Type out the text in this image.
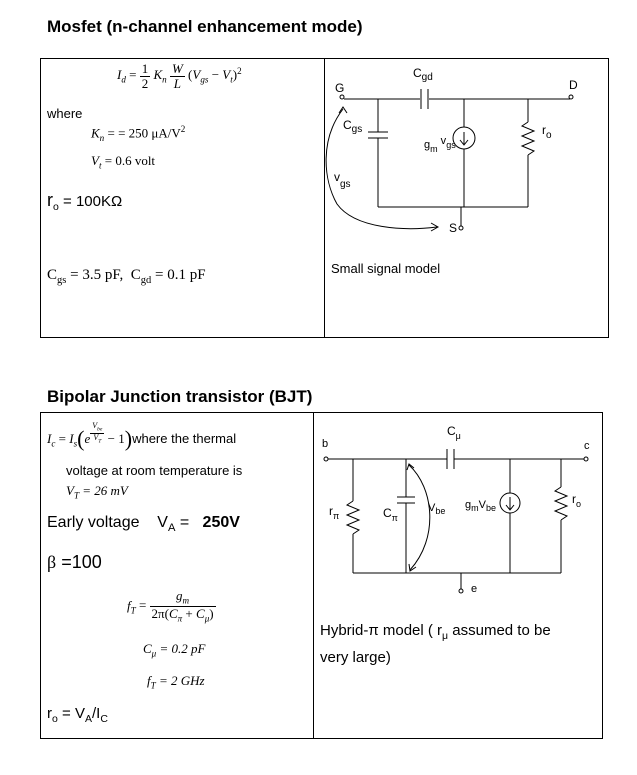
Mosfet (n-channel enhancement mode)
$I_d = \frac{1}{2} K_n \frac{W}{L} (V_{gs} - V_t)^2$
where
$K_n$ = = 250 $\mu A/V^2$
$V_t = 0.6$ volt
$r_o = 100K\Omega$
$C_{gs} = 3.5$ pF, $C_{gd} = 0.1$ pF	Small signal model
G	D
S
$C_{gd}$
$C_{gs}$
$g_m$ $v_{gs}$
$v_{gs}$
$r_o$
Bipolar Junction transistor (BJT)
$I_c = I_s(e$ $^{\frac{V_{be}}{V_T}}$ − 1)where the thermal
voltage at room temperature is
$V_T = 26$ mV
Early voltage $V_A = 250V$
β =100
$f_T = \frac{g_m}{2\pi(C_\pi + C_\mu)}$
$C_\mu = 0.2$ pF
$f_T = 2$ GHz
$r_o = V_A/I_C$
Hybrid-π model ( $r_\mu$ assumed to be
very large)
b	c
e
$C_\mu$
$r_\pi$	$C_\pi$
$V_{be}$ $g_mV_{be}$
$r_o$
